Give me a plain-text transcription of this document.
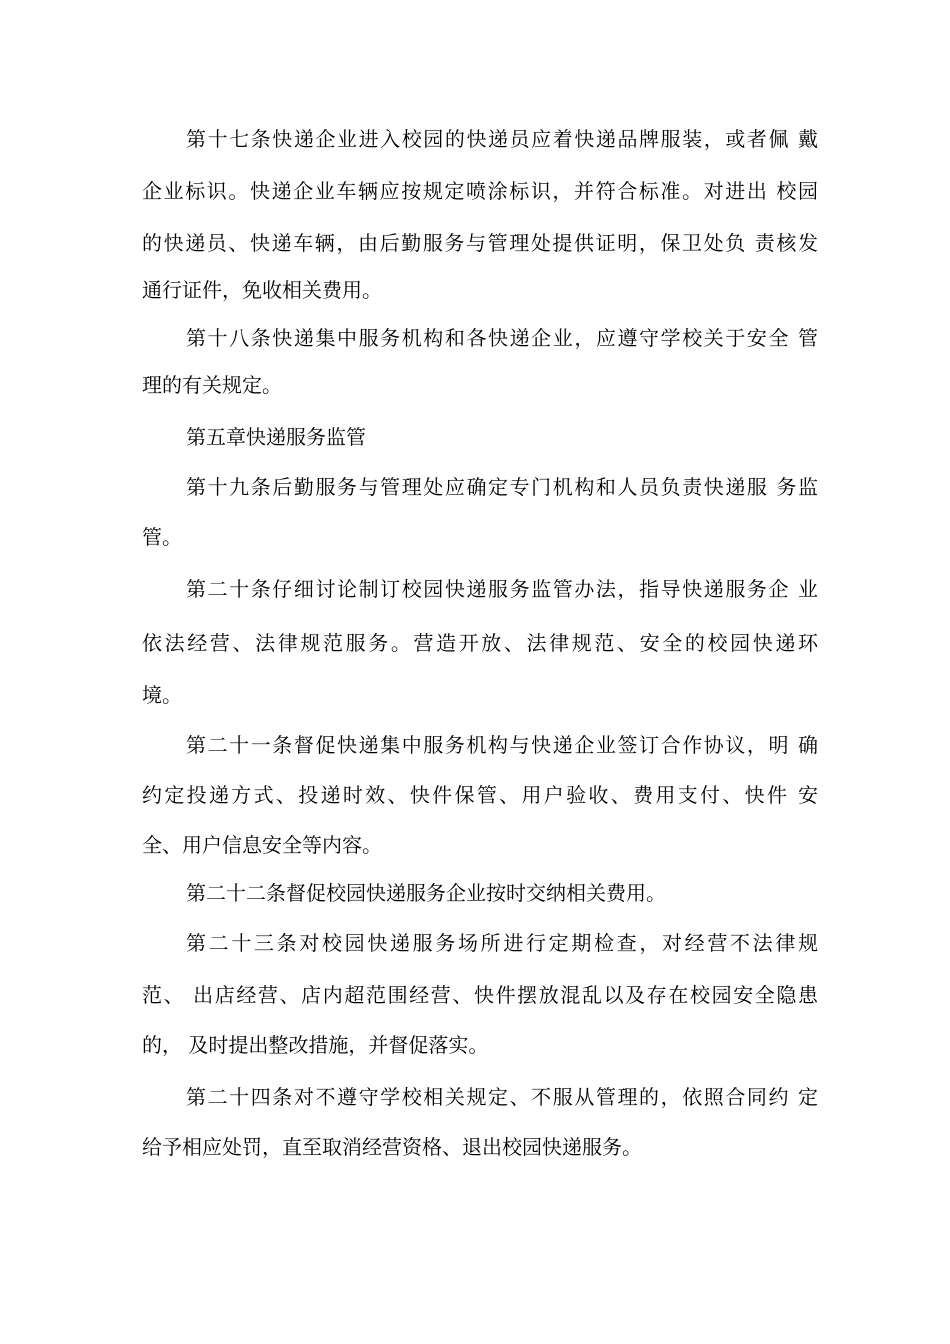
第十七条快递企业进入校园的快递员应着快递品牌服装，或者佩 戴
企业标识。快递企业车辆应按规定喷涂标识，并符合标准。对进出 校园
的快递员、快递车辆，由后勤服务与管理处提供证明，保卫处负 责核发
通行证件，免收相关费用。
第十八条快递集中服务机构和各快递企业，应遵守学校关于安全 管
理的有关规定。
第五章快递服务监管
第十九条后勤服务与管理处应确定专门机构和人员负责快递服 务监
管。
第二十条仔细讨论制订校园快递服务监管办法，指导快递服务企 业
依法经营、法律规范服务。营造开放、法律规范、安全的校园快递环
境。
第二十一条督促快递集中服务机构与快递企业签订合作协议，明 确
约定投递方式、投递时效、快件保管、用户验收、费用支付、快件 安
全、用户信息安全等内容。
第二十二条督促校园快递服务企业按时交纳相关费用。
第二十三条对校园快递服务场所进行定期检查，对经营不法律规
范、 出店经营、店内超范围经营、快件摆放混乱以及存在校园安全隐患
的， 及时提出整改措施，并督促落实。
第二十四条对不遵守学校相关规定、不服从管理的，依照合同约 定
给予相应处罚，直至取消经营资格、退出校园快递服务。
